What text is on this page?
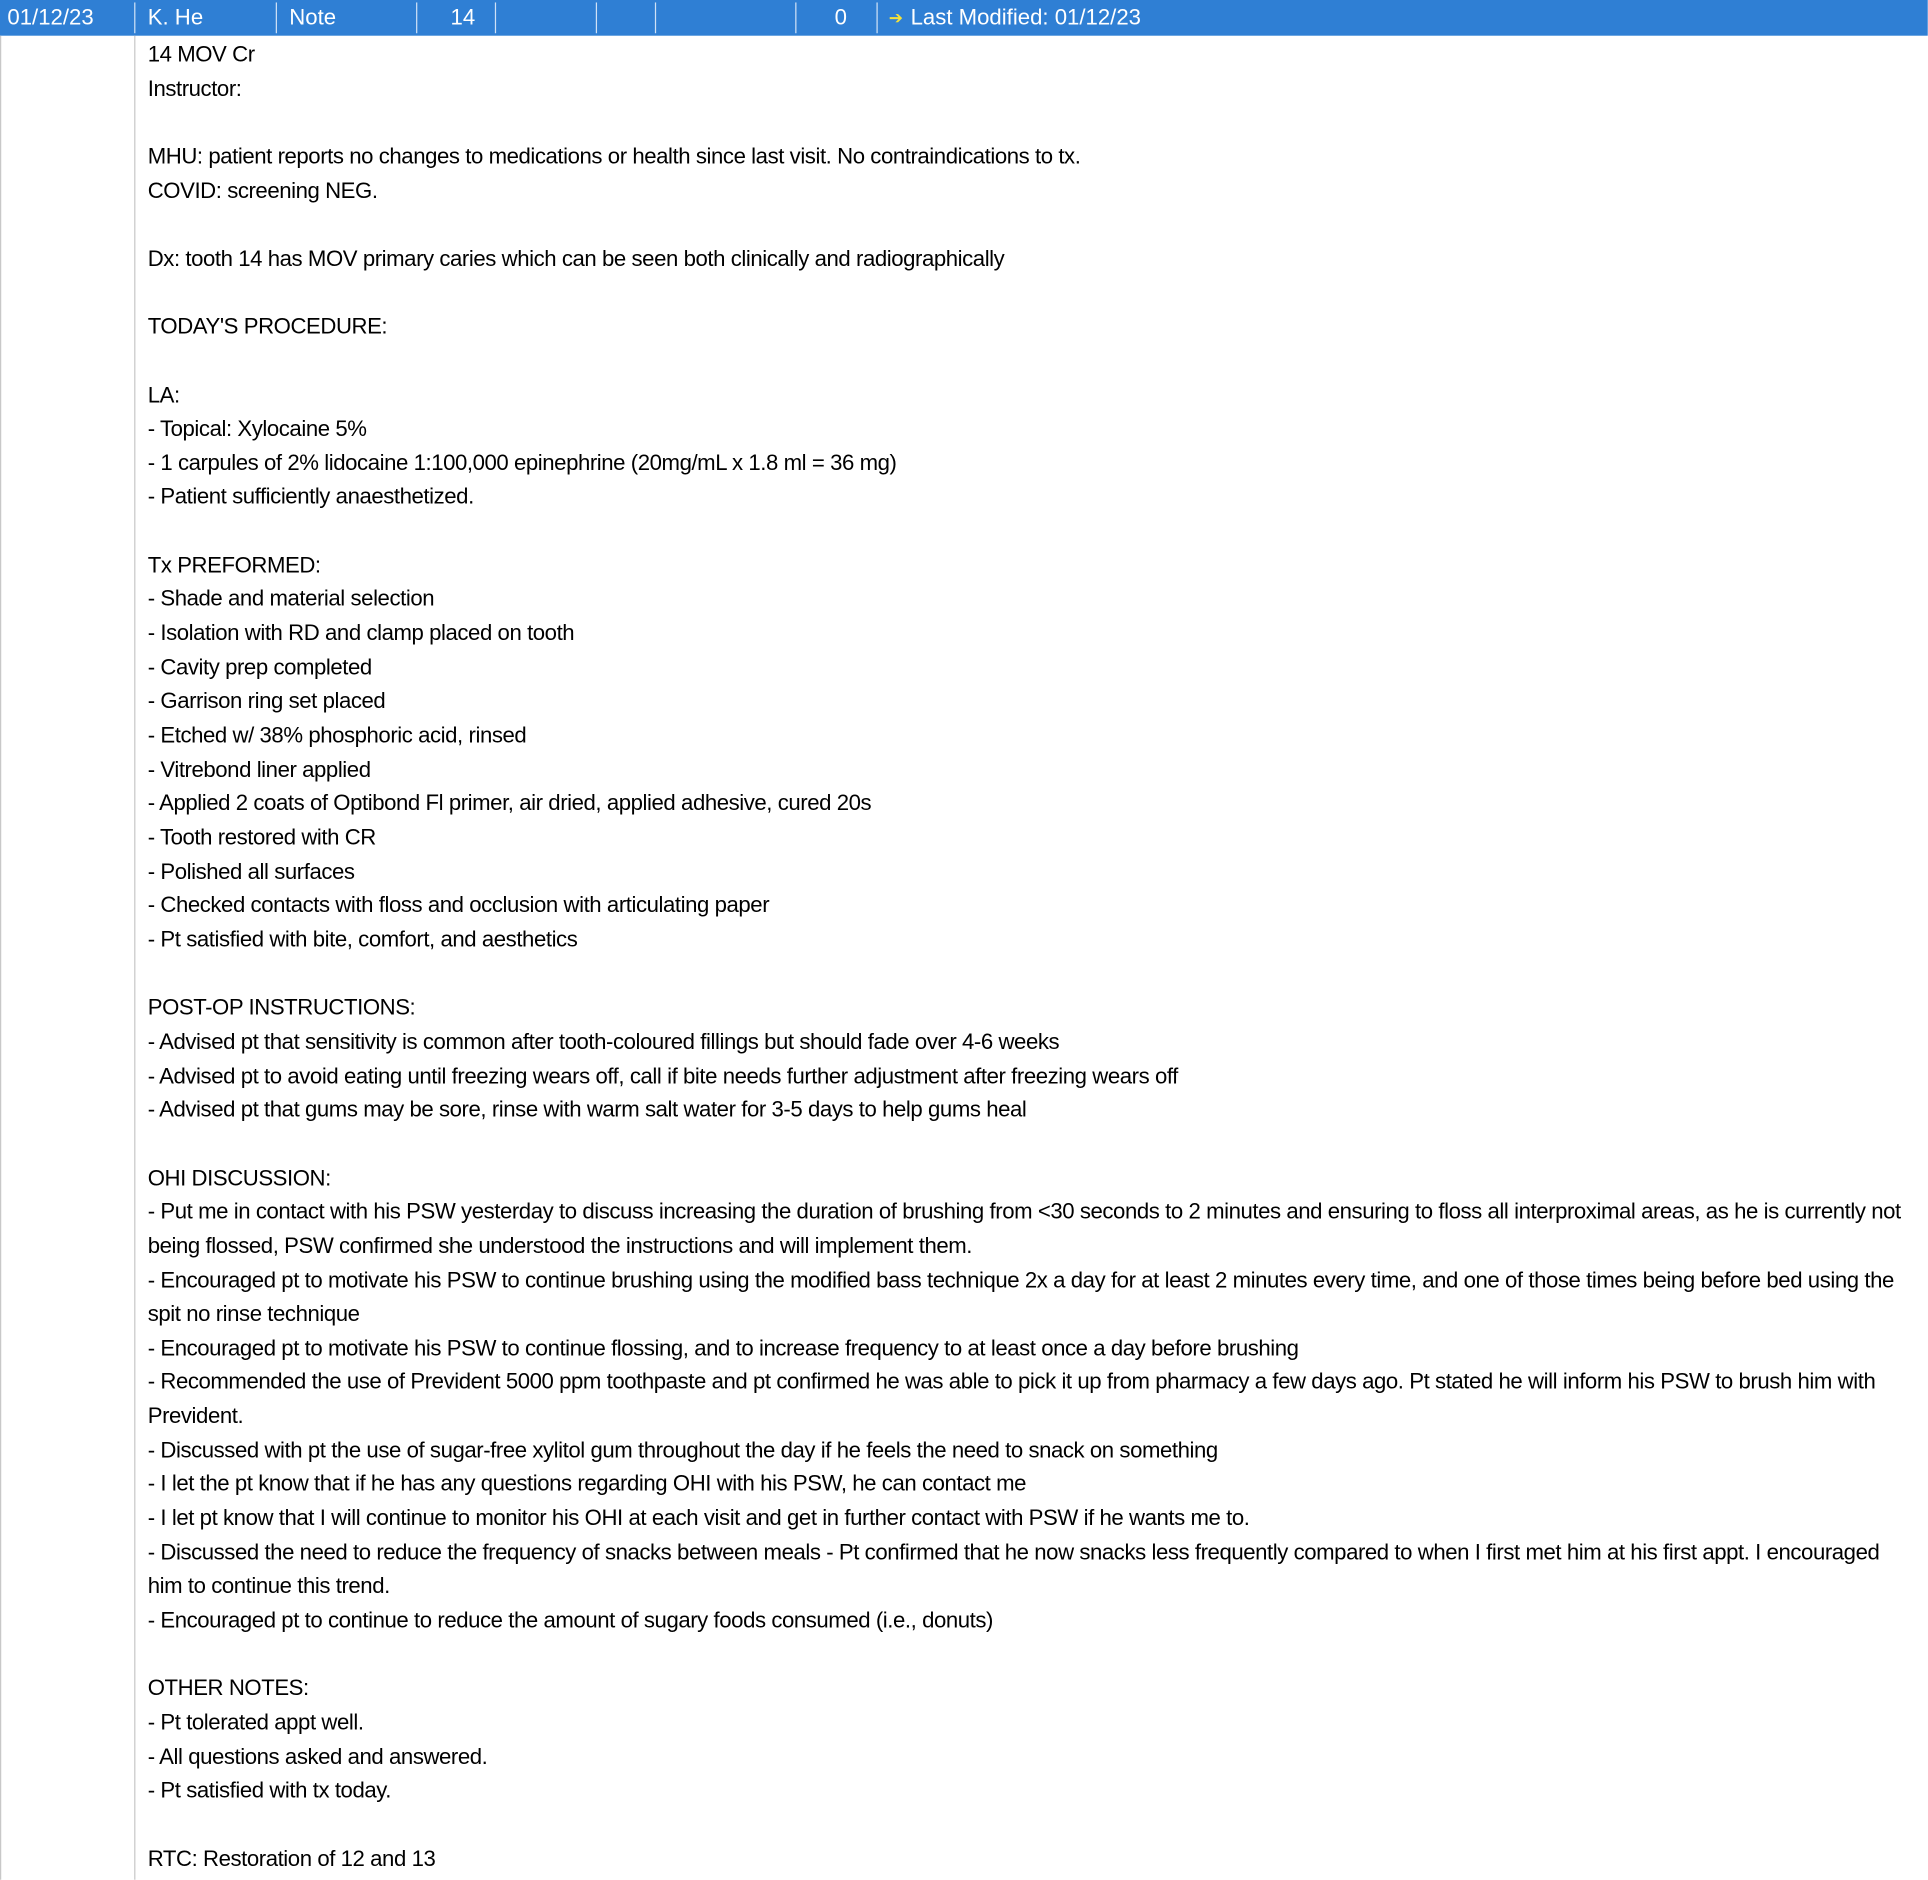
01/12/23	K. He	Note	14	0	➔ Last Modified: 01/12/23
14 MOV Cr
Instructor:
MHU: patient reports no changes to medications or health since last visit. No contraindications to tx.
COVID: screening NEG.
Dx: tooth 14 has MOV primary caries which can be seen both clinically and radiographically
TODAY'S PROCEDURE:
LA:
- Topical: Xylocaine 5%
- 1 carpules of 2% lidocaine 1:100,000 epinephrine (20mg/mL x 1.8 ml = 36 mg)
- Patient sufficiently anaesthetized.
Tx PREFORMED:
- Shade and material selection
- Isolation with RD and clamp placed on tooth
- Cavity prep completed
- Garrison ring set placed
- Etched w/ 38% phosphoric acid, rinsed
- Vitrebond liner applied
- Applied 2 coats of Optibond Fl primer, air dried, applied adhesive, cured 20s
- Tooth restored with CR
- Polished all surfaces
- Checked contacts with floss and occlusion with articulating paper
- Pt satisfied with bite, comfort, and aesthetics
POST-OP INSTRUCTIONS:
- Advised pt that sensitivity is common after tooth-coloured fillings but should fade over 4-6 weeks
- Advised pt to avoid eating until freezing wears off, call if bite needs further adjustment after freezing wears off
- Advised pt that gums may be sore, rinse with warm salt water for 3-5 days to help gums heal
OHI DISCUSSION:
- Put me in contact with his PSW yesterday to discuss increasing the duration of brushing from <30 seconds to 2 minutes and ensuring to floss all interproximal areas, as he is currently not being flossed, PSW confirmed she understood the instructions and will implement them.
- Encouraged pt to motivate his PSW to continue brushing using the modified bass technique 2x a day for at least 2 minutes every time, and one of those times being before bed using the spit no rinse technique
- Encouraged pt to motivate his PSW to continue flossing, and to increase frequency to at least once a day before brushing
- Recommended the use of Prevident 5000 ppm toothpaste and pt confirmed he was able to pick it up from pharmacy a few days ago. Pt stated he will inform his PSW to brush him with Prevident.
- Discussed with pt the use of sugar-free xylitol gum throughout the day if he feels the need to snack on something
- I let the pt know that if he has any questions regarding OHI with his PSW, he can contact me
- I let pt know that I will continue to monitor his OHI at each visit and get in further contact with PSW if he wants me to.
- Discussed the need to reduce the frequency of snacks between meals - Pt confirmed that he now snacks less frequently compared to when I first met him at his first appt. I encouraged him to continue this trend.
- Encouraged pt to continue to reduce the amount of sugary foods consumed (i.e., donuts)
OTHER NOTES:
- Pt tolerated appt well.
- All questions asked and answered.
- Pt satisfied with tx today.
RTC: Restoration of 12 and 13
